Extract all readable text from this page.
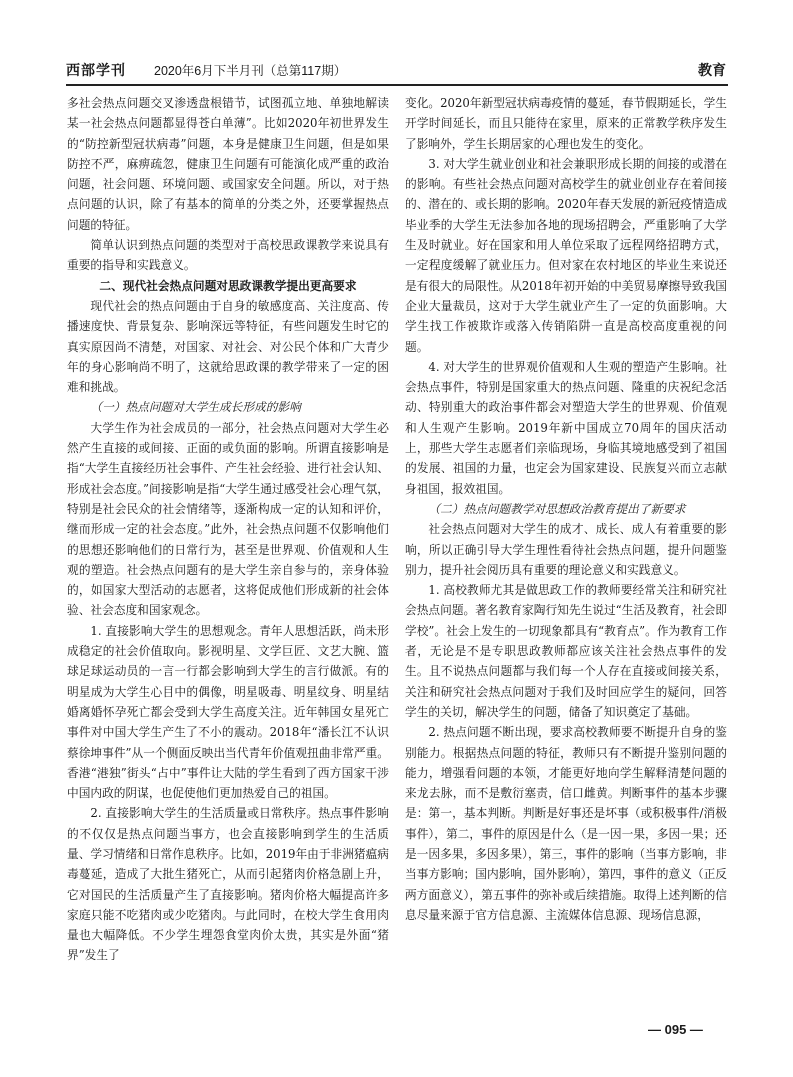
西部学刊 2020年6月下半月刊（总第117期）	教育

多社会热点问题交叉渗透盘根错节，试图孤立地、单独地解读某一社会热点问题都显得苍白单薄”。比如2020年初世界发生的“防控新型冠状病毒”问题，本身是健康卫生问题，但是如果防控不严，麻痹疏忽，健康卫生问题有可能演化成严重的政治问题，社会问题、环境问题、或国家安全问题。所以，对于热点问题的认识，除了有基本的简单的分类之外，还要掌握热点问题的特征。

简单认识到热点问题的类型对于高校思政课教学来说具有重要的指导和实践意义。

二、现代社会热点问题对思政课教学提出更高要求

现代社会的热点问题由于自身的敏感度高、关注度高、传播速度快、背景复杂、影响深远等特征，有些问题发生时它的真实原因尚不清楚，对国家、对社会、对公民个体和广大青少年的身心影响尚不明了，这就给思政课的教学带来了一定的困难和挑战。

（一）热点问题对大学生成长形成的影响

大学生作为社会成员的一部分，社会热点问题对大学生必然产生直接的或间接、正面的或负面的影响。所谓直接影响是指“大学生直接经历社会事件、产生社会经验、进行社会认知、形成社会态度。”间接影响是指“大学生通过感受社会心理气氛，特别是社会民众的社会情绪等，逐渐构成一定的认知和评价，继而形成一定的社会态度。”此外，社会热点问题不仅影响他们的思想还影响他们的日常行为，甚至是世界观、价值观和人生观的塑造。社会热点问题有的是大学生亲自参与的，亲身体验的，如国家大型活动的志愿者，这将促成他们形成新的社会体验、社会态度和国家观念。

1. 直接影响大学生的思想观念。青年人思想活跃，尚未形成稳定的社会价值取向。影视明星、文学巨匠、文艺大腕、篮球足球运动员的一言一行都会影响到大学生的言行做派。有的明星成为大学生心目中的偶像，明星吸毒、明星纹身、明星结婚离婚怀孕死亡都会受到大学生高度关注。近年韩国女星死亡事件对中国大学生产生了不小的震动。2018年“潘长江不认识蔡徐坤事件”从一个侧面反映出当代青年价值观扭曲非常严重。香港“港独”街头“占中”事件让大陆的学生看到了西方国家干涉中国内政的阴谋，也促使他们更加热爱自己的祖国。

2. 直接影响大学生的生活质量或日常秩序。热点事件影响的不仅仅是热点问题当事方，也会直接影响到学生的生活质量、学习情绪和日常作息秩序。比如，2019年由于非洲猪瘟病毒蔓延，造成了大批生猪死亡，从而引起猪肉价格急剧上升，它对国民的生活质量产生了直接影响。猪肉价格大幅提高许多家庭只能不吃猪肉或少吃猪肉。与此同时，在校大学生食用肉量也大幅降低。不少学生埋怨食堂肉价太贵，其实是外面“猪界”发生了

变化。2020年新型冠状病毒疫情的蔓延，春节假期延长，学生开学时间延长，而且只能待在家里，原来的正常教学秩序发生了影响外，学生长期居家的心理也发生的变化。

3. 对大学生就业创业和社会兼职形成长期的间接的或潜在的影响。有些社会热点问题对高校学生的就业创业存在着间接的、潜在的、或长期的影响。2020年春天发展的新冠疫情造成毕业季的大学生无法参加各地的现场招聘会，严重影响了大学生及时就业。好在国家和用人单位采取了远程网络招聘方式，一定程度缓解了就业压力。但对家在农村地区的毕业生来说还是有很大的局限性。从2018年初开始的中美贸易摩擦导致我国企业大量裁员，这对于大学生就业产生了一定的负面影响。大学生找工作被欺诈或落入传销陷阱一直是高校高度重视的问题。

4. 对大学生的世界观价值观和人生观的塑造产生影响。社会热点事件，特别是国家重大的热点问题、隆重的庆祝纪念活动、特别重大的政治事件都会对塑造大学生的世界观、价值观和人生观产生影响。2019年新中国成立70周年的国庆活动上，那些大学生志愿者们亲临现场，身临其境地感受到了祖国的发展、祖国的力量，也定会为国家建设、民族复兴而立志献身祖国，报效祖国。

（二）热点问题教学对思想政治教育提出了新要求

社会热点问题对大学生的成才、成长、成人有着重要的影响，所以正确引导大学生理性看待社会热点问题，提升问题鉴别力，提升社会阅历具有重要的理论意义和实践意义。

1. 高校教师尤其是做思政工作的教师要经常关注和研究社会热点问题。著名教育家陶行知先生说过“生活及教育，社会即学校”。社会上发生的一切现象都具有“教育点”。作为教育工作者，无论是不是专职思政教师都应该关注社会热点事件的发生。且不说热点问题都与我们每一个人存在直接或间接关系，关注和研究社会热点问题对于我们及时回应学生的疑问，回答学生的关切，解决学生的问题，储备了知识奠定了基础。

2. 热点问题不断出现，要求高校教师要不断提升自身的鉴别能力。根据热点问题的特征，教师只有不断提升鉴别问题的能力，增强看问题的本领，才能更好地向学生解释清楚问题的来龙去脉，而不是敷衍塞责，信口雌黄。判断事件的基本步骤是：第一，基本判断。判断是好事还是坏事（或积极事件/消极事件），第二，事件的原因是什么（是一因一果，多因一果；还是一因多果，多因多果），第三，事件的影响（当事方影响，非当事方影响；国内影响，国外影响），第四，事件的意义（正反两方面意义），第五事件的弥补或后续措施。取得上述判断的信息尽量来源于官方信息源、主流媒体信息源、现场信息源，

— 095 —
